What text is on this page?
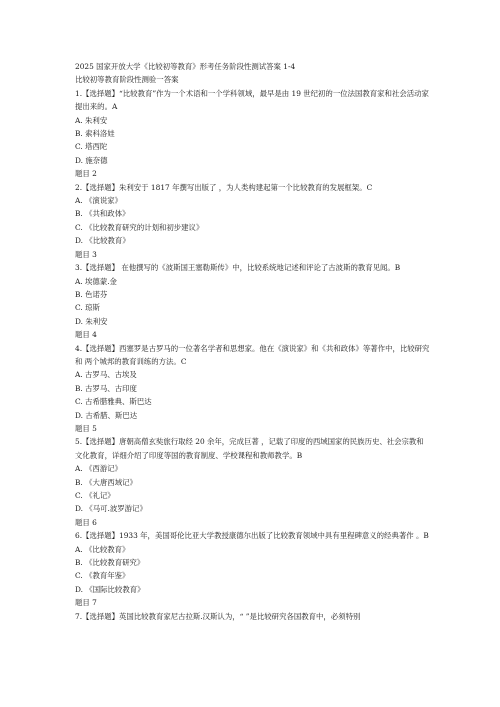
2025 国家开放大学《比较初等教育》形考任务阶段性测试答案 1-4
比较初等教育阶段性测验一答案
1.【选择题】“比较教育”作为一个术语和一个学科领域，最早是由 19 世纪初的一位法国教育家和社会活动家 提出来的。A
A. 朱利安
B. 索科洛娃
C. 塔西陀
D. 施奈德
题目 2
2.【选择题】朱利安于 1817 年撰写出版了 ，为人类构建起第一个比较教育的发展框架。C
A. 《演说家》
B. 《共和政体》
C. 《比较教育研究的计划和初步建议》
D. 《比较教育》
题目 3
3.【选择题】 在他撰写的《波斯国王塞勒斯传》中，比较系统地记述和评论了古波斯的教育见闻。B
A. 埃德蒙.金
B. 色诺芬
C. 琼斯
D. 朱利安
题目 4
4.【选择题】西塞罗是古罗马的一位著名学者和思想家。他在《演说家》和《共和政体》等著作中，比较研究 和 两个城邦的教育训练的方法。C
A. 古罗马、古埃及
B. 古罗马、古印度
C. 古希腊雅典、斯巴达
D. 古希腊、斯巴达
题目 5
5.【选择题】唐朝高僧玄奘旅行取经 20 余年，完成巨著 ，记载了印度的西域国家的民族历史、社会宗教和文化教育，详细介绍了印度等国的教育制度、学校课程和教师教学。B
A. 《西游记》
B. 《大唐西域记》
C. 《礼记》
D. 《马可.波罗游记》
题目 6
6.【选择题】1933 年，美国哥伦比亚大学教授康德尔出版了比较教育领域中具有里程碑意义的经典著作 。B
A. 《比较教育》
B. 《比较教育研究》
C. 《教育年鉴》
D. 《国际比较教育》
题目 7
7.【选择题】英国比较教育家尼古拉斯.汉斯认为，“ ”是比较研究各国教育中，必须特别
